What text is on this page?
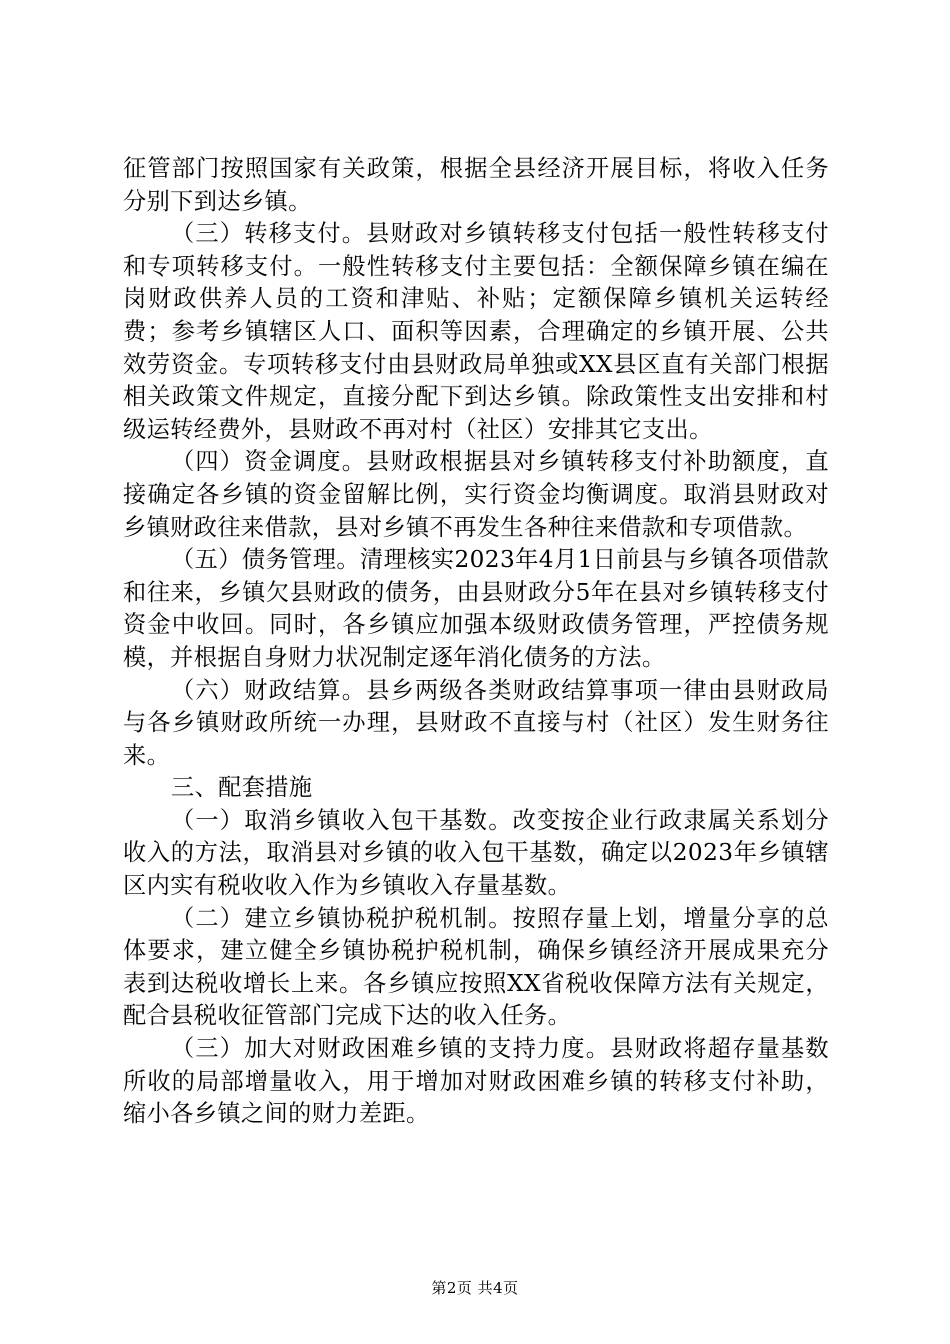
征管部门按照国家有关政策，根据全县经济开展目标，将收入任务分别下到达乡镇。

（三）转移支付。县财政对乡镇转移支付包括一般性转移支付和专项转移支付。一般性转移支付主要包括：全额保障乡镇在编在岗财政供养人员的工资和津贴、补贴；定额保障乡镇机关运转经费；参考乡镇辖区人口、面积等因素，合理确定的乡镇开展、公共效劳资金。专项转移支付由县财政局单独或XX县区直有关部门根据相关政策文件规定，直接分配下到达乡镇。除政策性支出安排和村级运转经费外，县财政不再对村（社区）安排其它支出。

（四）资金调度。县财政根据县对乡镇转移支付补助额度，直接确定各乡镇的资金留解比例，实行资金均衡调度。取消县财政对乡镇财政往来借款，县对乡镇不再发生各种往来借款和专项借款。

（五）债务管理。清理核实2023年4月1日前县与乡镇各项借款和往来，乡镇欠县财政的债务，由县财政分5年在县对乡镇转移支付资金中收回。同时，各乡镇应加强本级财政债务管理，严控债务规模，并根据自身财力状况制定逐年消化债务的方法。

（六）财政结算。县乡两级各类财政结算事项一律由县财政局与各乡镇财政所统一办理，县财政不直接与村（社区）发生财务往来。

三、配套措施

（一）取消乡镇收入包干基数。改变按企业行政隶属关系划分收入的方法，取消县对乡镇的收入包干基数，确定以2023年乡镇辖区内实有税收收入作为乡镇收入存量基数。

（二）建立乡镇协税护税机制。按照存量上划，增量分享的总体要求，建立健全乡镇协税护税机制，确保乡镇经济开展成果充分表到达税收增长上来。各乡镇应按照XX省税收保障方法有关规定，配合县税收征管部门完成下达的收入任务。

（三）加大对财政困难乡镇的支持力度。县财政将超存量基数所收的局部增量收入，用于增加对财政困难乡镇的转移支付补助，缩小各乡镇之间的财力差距。

第2页 共4页
